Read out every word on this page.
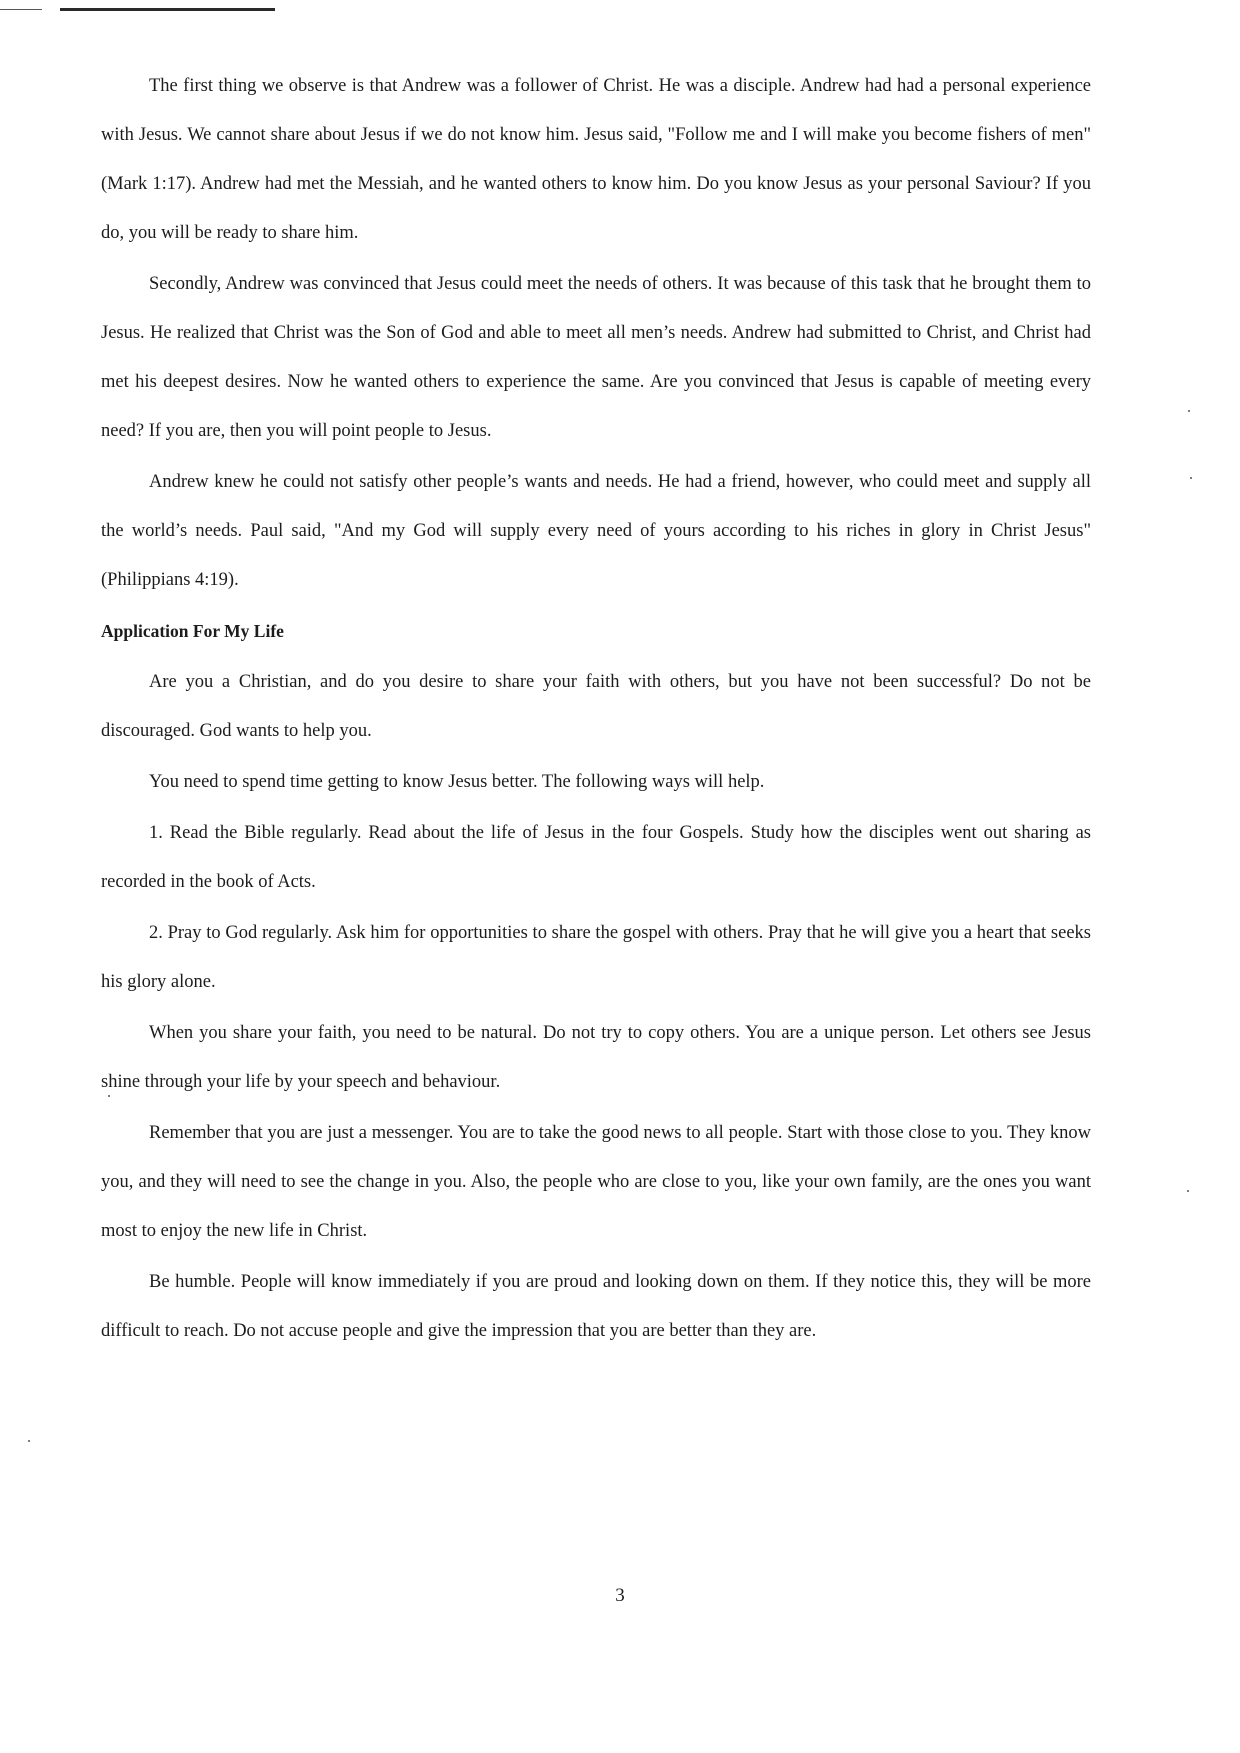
The first thing we observe is that Andrew was a follower of Christ. He was a disciple. Andrew had had a personal experience with Jesus. We cannot share about Jesus if we do not know him. Jesus said, "Follow me and I will make you become fishers of men" (Mark 1:17). Andrew had met the Messiah, and he wanted others to know him. Do you know Jesus as your personal Saviour? If you do, you will be ready to share him.

Secondly, Andrew was convinced that Jesus could meet the needs of others. It was because of this task that he brought them to Jesus. He realized that Christ was the Son of God and able to meet all men’s needs. Andrew had submitted to Christ, and Christ had met his deepest desires. Now he wanted others to experience the same. Are you convinced that Jesus is capable of meeting every need? If you are, then you will point people to Jesus.

Andrew knew he could not satisfy other people’s wants and needs. He had a friend, however, who could meet and supply all the world’s needs. Paul said, "And my God will supply every need of yours according to his riches in glory in Christ Jesus" (Philippians 4:19).

Application For My Life

Are you a Christian, and do you desire to share your faith with others, but you have not been successful? Do not be discouraged. God wants to help you.

You need to spend time getting to know Jesus better. The following ways will help.

1. Read the Bible regularly. Read about the life of Jesus in the four Gospels. Study how the disciples went out sharing as recorded in the book of Acts.

2. Pray to God regularly. Ask him for opportunities to share the gospel with others. Pray that he will give you a heart that seeks his glory alone.

When you share your faith, you need to be natural. Do not try to copy others. You are a unique person. Let others see Jesus shine through your life by your speech and behaviour.

Remember that you are just a messenger. You are to take the good news to all people. Start with those close to you. They know you, and they will need to see the change in you. Also, the people who are close to you, like your own family, are the ones you want most to enjoy the new life in Christ.

Be humble. People will know immediately if you are proud and looking down on them. If they notice this, they will be more difficult to reach. Do not accuse people and give the impression that you are better than they are.

3
